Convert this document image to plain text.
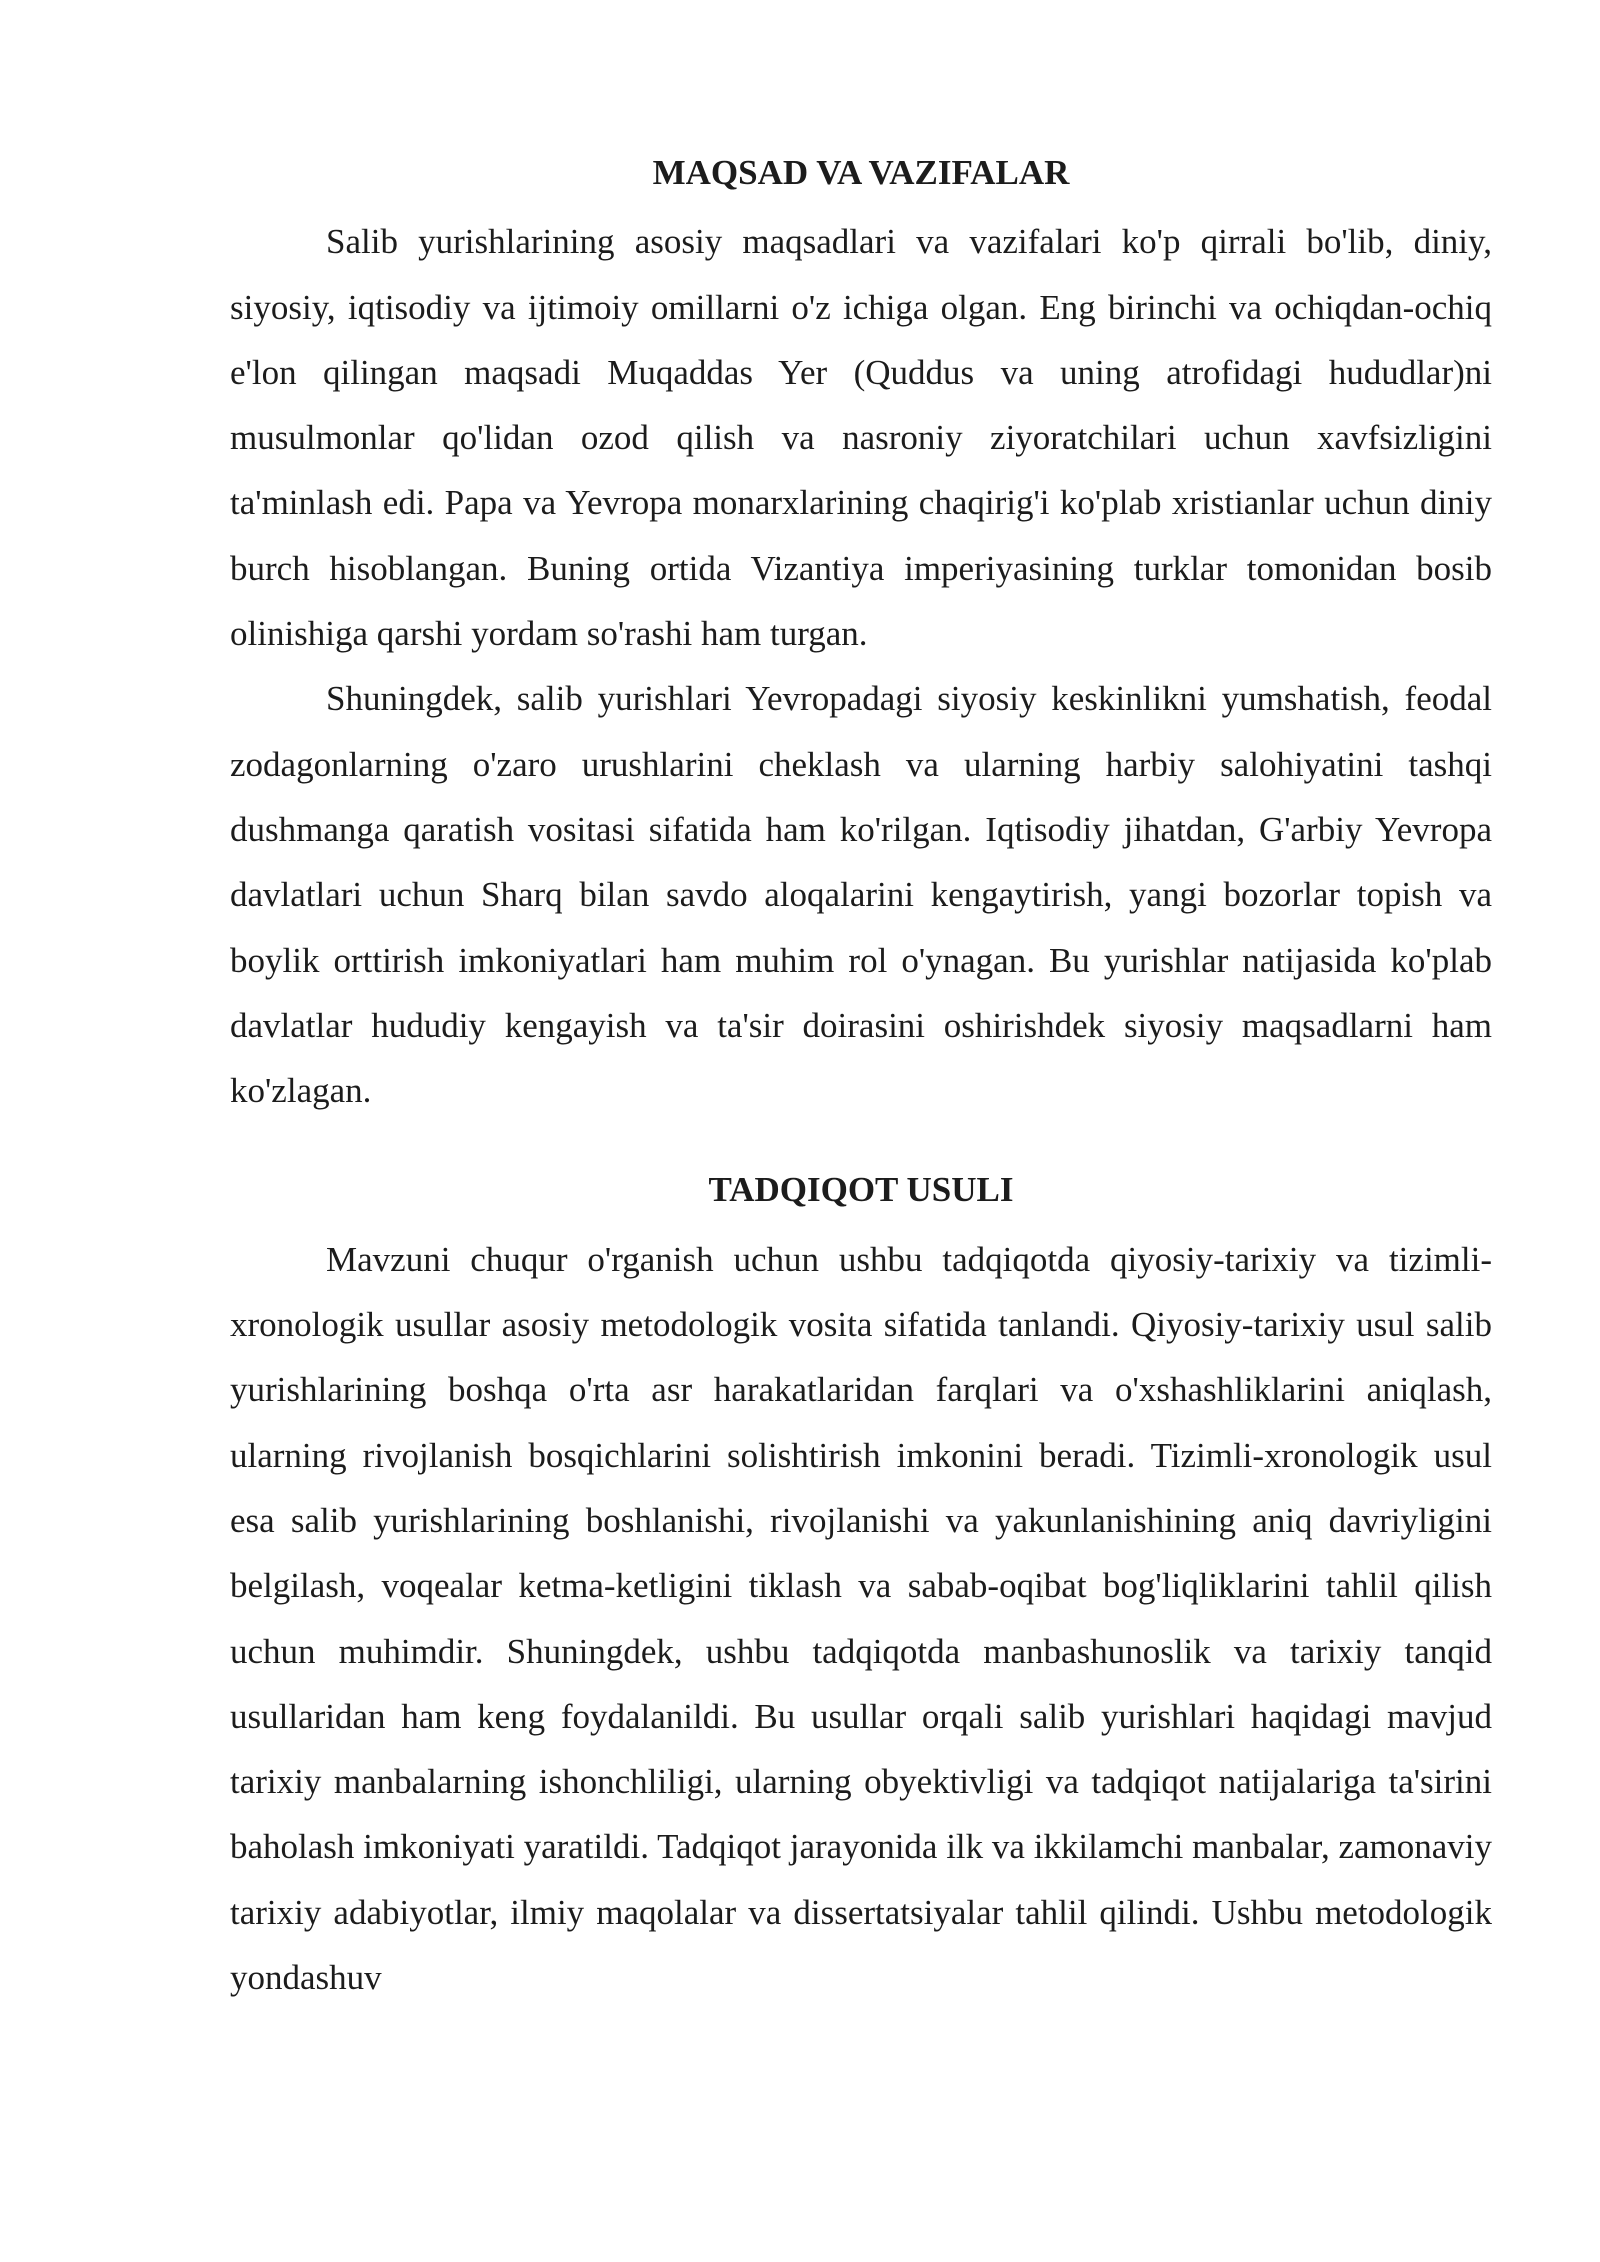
MAQSAD VA VAZIFALAR

Salib yurishlarining asosiy maqsadlari va vazifalari ko'p qirrali bo'lib, diniy, siyosiy, iqtisodiy va ijtimoiy omillarni o'z ichiga olgan. Eng birinchi va ochiqdan-ochiq e'lon qilingan maqsadi Muqaddas Yer (Quddus va uning atrofidagi hududlar)ni musulmonlar qo'lidan ozod qilish va nasroniy ziyoratchilari uchun xavfsizligini ta'minlash edi. Papa va Yevropa monarxlarining chaqirig'i ko'plab xristianlar uchun diniy burch hisoblangan. Buning ortida Vizantiya imperiyasining turklar tomonidan bosib olinishiga qarshi yordam so'rashi ham turgan.

Shuningdek, salib yurishlari Yevropadagi siyosiy keskinlikni yumshatish, feodal zodagonlarning o'zaro urushlarini cheklash va ularning harbiy salohiyatini tashqi dushmanga qaratish vositasi sifatida ham ko'rilgan. Iqtisodiy jihatdan, G'arbiy Yevropa davlatlari uchun Sharq bilan savdo aloqalarini kengaytirish, yangi bozorlar topish va boylik orttirish imkoniyatlari ham muhim rol o'ynagan. Bu yurishlar natijasida ko'plab davlatlar hududiy kengayish va ta'sir doirasini oshirishdek siyosiy maqsadlarni ham ko'zlagan.

TADQIQOT USULI

Mavzuni chuqur o'rganish uchun ushbu tadqiqotda qiyosiy-tarixiy va tizimli-xronologik usullar asosiy metodologik vosita sifatida tanlandi. Qiyosiy-tarixiy usul salib yurishlarining boshqa o'rta asr harakatlaridan farqlari va o'xshashliklarini aniqlash, ularning rivojlanish bosqichlarini solishtirish imkonini beradi. Tizimli-xronologik usul esa salib yurishlarining boshlanishi, rivojlanishi va yakunlanishining aniq davriyligini belgilash, voqealar ketma-ketligini tiklash va sabab-oqibat bog'liqliklarini tahlil qilish uchun muhimdir. Shuningdek, ushbu tadqiqotda manbashunoslik va tarixiy tanqid usullaridan ham keng foydalanildi. Bu usullar orqali salib yurishlari haqidagi mavjud tarixiy manbalarning ishonchliligi, ularning obyektivligi va tadqiqot natijalariga ta'sirini baholash imkoniyati yaratildi. Tadqiqot jarayonida ilk va ikkilamchi manbalar, zamonaviy tarixiy adabiyotlar, ilmiy maqolalar va dissertatsiyalar tahlil qilindi. Ushbu metodologik yondashuv
